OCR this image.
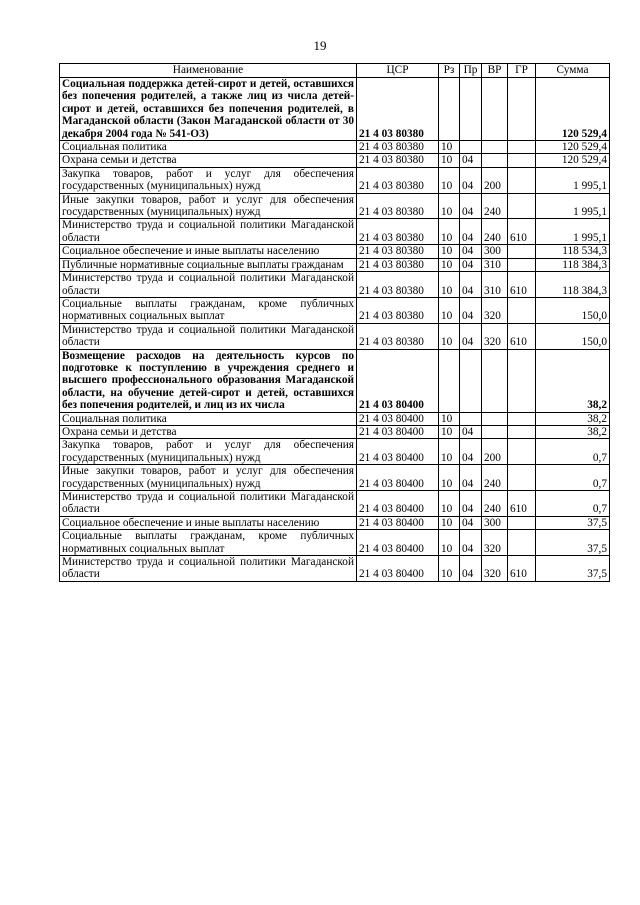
19
Наименование	ЦСР	Рз	Пр	ВР	ГР	Сумма
Социальная поддержка детей-сирот и детей, оставшихся без попечения родителей, а также лиц из числа детей-сирот и детей, оставшихся без попечения родителей, в Магаданской области (Закон Магаданской области от 30 декабря 2004 года № 541-ОЗ)	21 4 03 80380					120 529,4
Социальная политика	21 4 03 80380	10				120 529,4
Охрана семьи и детства	21 4 03 80380	10	04			120 529,4
Закупка товаров, работ и услуг для обеспечения государственных (муниципальных) нужд	21 4 03 80380	10	04	200		1 995,1
Иные закупки товаров, работ и услуг для обеспечения государственных (муниципальных) нужд	21 4 03 80380	10	04	240		1 995,1
Министерство труда и социальной политики Магаданской области	21 4 03 80380	10	04	240	610	1 995,1
Социальное обеспечение и иные выплаты населению	21 4 03 80380	10	04	300		118 534,3
Публичные нормативные социальные выплаты гражданам	21 4 03 80380	10	04	310		118 384,3
Министерство труда и социальной политики Магаданской области	21 4 03 80380	10	04	310	610	118 384,3
Социальные выплаты гражданам, кроме публичных нормативных социальных выплат	21 4 03 80380	10	04	320		150,0
Министерство труда и социальной политики Магаданской области	21 4 03 80380	10	04	320	610	150,0
Возмещение расходов на деятельность курсов по подготовке к поступлению в учреждения среднего и высшего профессионального образования Магаданской области, на обучение детей-сирот и детей, оставшихся без попечения родителей, и лиц из их числа	21 4 03 80400					38,2
Социальная политика	21 4 03 80400	10				38,2
Охрана семьи и детства	21 4 03 80400	10	04			38,2
Закупка товаров, работ и услуг для обеспечения государственных (муниципальных) нужд	21 4 03 80400	10	04	200		0,7
Иные закупки товаров, работ и услуг для обеспечения государственных (муниципальных) нужд	21 4 03 80400	10	04	240		0,7
Министерство труда и социальной политики Магаданской области	21 4 03 80400	10	04	240	610	0,7
Социальное обеспечение и иные выплаты населению	21 4 03 80400	10	04	300		37,5
Социальные выплаты гражданам, кроме публичных нормативных социальных выплат	21 4 03 80400	10	04	320		37,5
Министерство труда и социальной политики Магаданской области	21 4 03 80400	10	04	320	610	37,5
